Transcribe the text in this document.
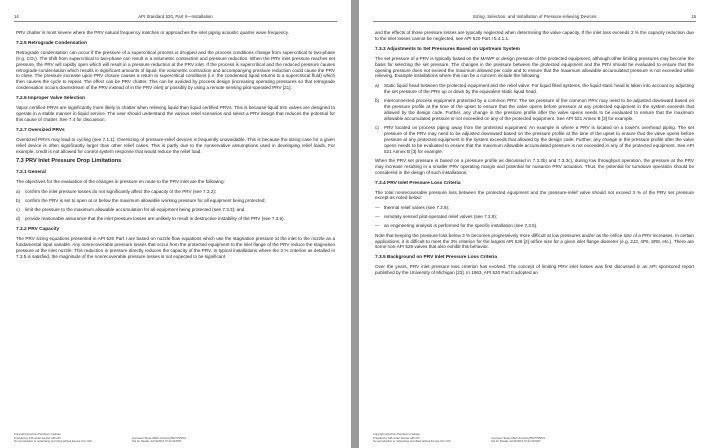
14	API Standard 520, Part II—Installation

PRV chatter is most severe where the PRV natural frequency matches or approaches the inlet piping acoustic quarter wave frequency.

7.2.5 Retrograde Condensation

Retrograde condensation can occur if the pressure of a supercritical process is dropped and the process conditions change from supercritical to two-phase (e.g. CO₂). The shift from supercritical to two-phase can result in a volumetric contraction and pressure reduction. When the PRV inlet pressure reaches set pressure, the PRV will rapidly open which will result in a pressure reduction at the PRV inlet. If the process is supercritical and the reduced pressure causes retrograde condensation which results in significant amounts of liquid, the volumetric contraction and accompanying pressure reduction could cause the PRV to close. The pressure increase upon PRV closure causes a return to supercritical conditions (i.e. the condensed liquid returns to a supercritical fluid) which then causes the cycle to repeat. The effect can be PRV chatter. This can be avoided by process design (increasing operating pressures so that retrograde condensation occurs downstream of the PRV instead of in the PRV inlet) or possibly by using a remote sensing pilot-operated PRV [21].

7.2.6 Improper Valve Selection

Vapor certified PRVs are significantly more likely to chatter when relieving liquid than liquid certified PRVs. This is because liquid trim valves are designed to operate in a stable manner in liquid service. The user should understand the various relief scenarios and select a PRV design that reduces the potential for this cause of chatter. See 7.4 for discussion.

7.2.7 Oversized PRVs

Oversized PRVs may lead to cycling (see 7.1.1). Oversizing of pressure-relief devices is frequently unavoidable. This is because the sizing case for a given relief device is often significantly larger than other relief cases. This is partly due to the conservative assumptions used in developing relief loads. For example, credit is not allowed for control system response that would reduce the relief load.

7.3 PRV Inlet Pressure Drop Limitations
7.3.1 General

The objectives for the evaluation of the changes in pressure en route to the PRV inlet are the following:

a)	confirm the inlet pressure losses do not significantly affect the capacity of the PRV (see 7.3.2);
b)	confirm the PRV is set to open at or below the maximum allowable working pressure for all equipment being protected;
c)	limit the pressure to the maximum allowable accumulation for all equipment being protected (see 7.3.3); and
d)	provide reasonable assurance that the inlet pressure losses are unlikely to result in destructive instability of the PRV (see 7.3.5).
7.3.2 PRV Capacity

The PRV sizing equations presented in API 520 Part I are based on nozzle flow equations which use the stagnation pressure at the inlet to the nozzle as a fundamental input variable. Any nonrecoverable pressure losses that occur from the protected equipment to the inlet flange of the PRV reduce the stagnation pressure at the inlet nozzle. This reduction in pressure directly reduces the capacity of the PRV. In typical installations where the 3 % criterion as detailed in 7.3.5 is satisfied, the magnitude of the nonrecoverable pressure losses is not expected to be significant

Copyright American Petroleum Institute
Provided by IHS under license with API
No reproduction or networking permitted without license from IHS
Licensee=Texas A&M University/5937795001
Not for Resale, 02/14/2015 07:22:49 MST
Sizing, Selection, and Installation of Pressure-relieving Devices	15

and the effects of those pressure losses are typically neglected when determining the valve capacity. If the inlet loss exceeds 3 % the capacity reduction due to the inlet losses cannot be neglected, see API 520 Part I 5.4.1.1.

7.3.3 Adjustments to Set Pressures Based on Upstream System

The set pressure of a PRV is typically based on the MAWP or design pressure of the protected equipment, although other limiting pressures may become the basis for selecting the set pressure. The changes in the pressure between the protected equipment and the PRV should be evaluated to ensure that the opening pressure does not exceed the maximum allowed per code and to ensure that the maximum allowable accumulated pressure is not exceeded while relieving. Example installations where this can be a concern include the following.

a)	Static liquid head between the protected equipment and the relief valve: For liquid filled systems, the liquid static head is taken into account by adjusting the set pressure of the PRV up or down by the equivalent static liquid head.
b)	Interconnected process equipment protected by a common PRV: The set pressure of the common PRV may need to be adjusted downward based on the pressure profile at the time of the upset to ensure that the valve opens before pressure at any protected equipment in the system exceeds that allowed by the design code. Further, any change in the pressure profile after the valve opens needs to be evaluated to ensure that the maximum allowable accumulated pressure is not exceeded on any of the protected equipment. See API 521 Annex B [3] for example.
c)	PRV located on process piping away from the protected equipment: An example is where a PRV is located on a tower's overhead piping. The set pressure of the PRV may need to be adjusted downward based on the pressure profile at the time of the upset to ensure that the valve opens before pressure at any protected equipment in the system exceeds that allowed by the design code. Further, any change in the pressure profile after the valve opens needs to be evaluated to ensure that the maximum allowable accumulated pressure is not exceeded in any of the protected equipment. See API 521 Annex B [3] for example.

When the PRV set pressure is based on a pressure profile as discussed in 7.3.3b) and 7.3.3c), during low throughput operation, the pressure at the PRV may increase resulting in a smaller PRV operating margin and potential for nuisance PRV actuation. Thus, the potential for turndown operation should be considered in the design of such installations.

7.3.4 PRV Inlet Pressure Loss Criteria

The total nonrecoverable pressure loss between the protected equipment and the pressure-relief valve should not exceed 3 % of the PRV set pressure except as noted below:

— thermal relief valves (see 7.3.6);
— remotely sensed pilot-operated relief valves (see 7.3.9);
— an engineering analysis is performed for the specific installation (see 7.3.6).

Note that keeping the pressure loss below 3 % becomes progressively more difficult at low pressures and/or as the orifice size of a PRV increases. In certain applications, it is difficult to meet the 3% criterion for the largest API 526 [2] orifice size for a given inlet flange diameter (e.g. 2J3, 4P6, 8R8, etc.). There are some non-API 526 valves that also exhibit this behavior.

7.3.5 Background on PRV Inlet Pressure Loss Criteria

Over the years, PRV inlet pressure loss criterion has evolved. The concept of limiting PRV inlet losses was first discussed in an API sponsored report published by the University of Michigan [23]. In 1963, API 520 Part II adopted an

Copyright American Petroleum Institute
Provided by IHS under license with API
No reproduction or networking permitted without license from IHS
Licensee=Texas A&M University/5937795001
Not for Resale, 02/14/2015 07:22:49 MST
